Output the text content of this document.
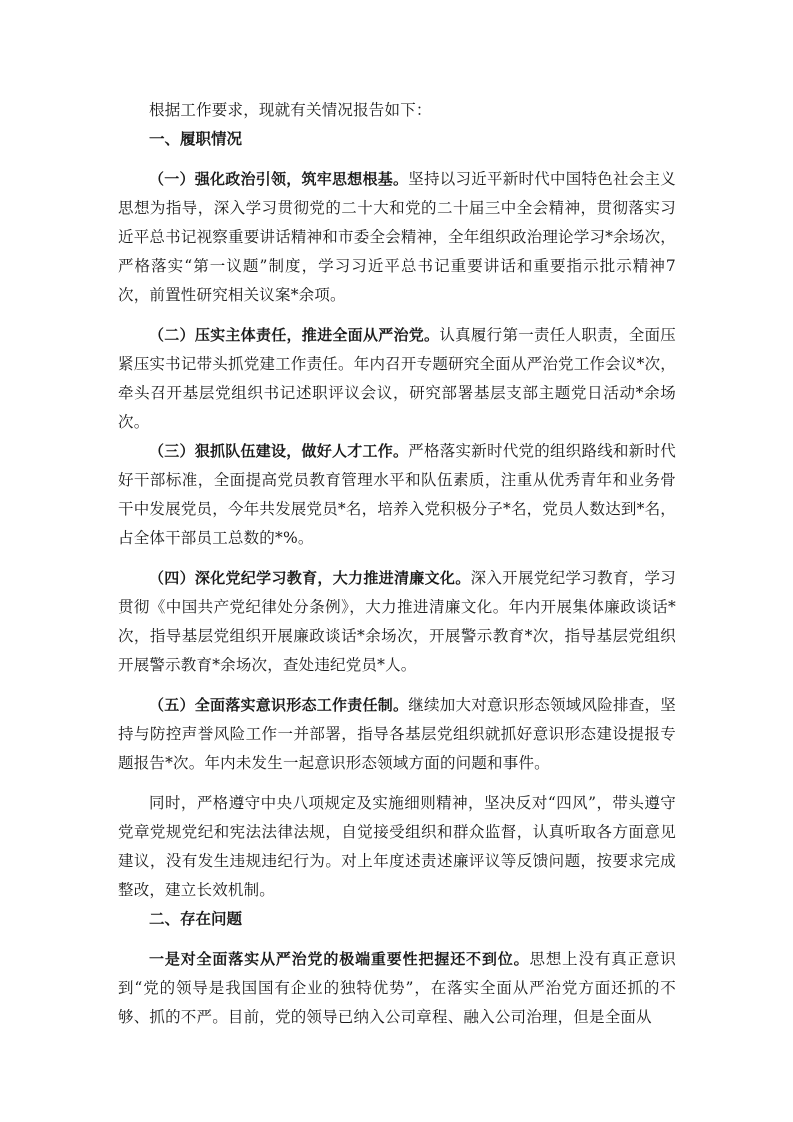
根据工作要求，现就有关情况报告如下：

一、履职情况

（一）强化政治引领，筑牢思想根基。坚持以习近平新时代中国特色社会主义思想为指导，深入学习贯彻党的二十大和党的二十届三中全会精神，贯彻落实习近平总书记视察重要讲话精神和市委全会精神，全年组织政治理论学习*余场次，严格落实“第一议题”制度，学习习近平总书记重要讲话和重要指示批示精神7次，前置性研究相关议案*余项。

（二）压实主体责任，推进全面从严治党。认真履行第一责任人职责，全面压紧压实书记带头抓党建工作责任。年内召开专题研究全面从严治党工作会议*次，牵头召开基层党组织书记述职评议会议，研究部署基层支部主题党日活动*余场次。

（三）狠抓队伍建设，做好人才工作。严格落实新时代党的组织路线和新时代好干部标准，全面提高党员教育管理水平和队伍素质，注重从优秀青年和业务骨干中发展党员，今年共发展党员*名，培养入党积极分子*名，党员人数达到*名，占全体干部员工总数的*%。

（四）深化党纪学习教育，大力推进清廉文化。深入开展党纪学习教育，学习贯彻《中国共产党纪律处分条例》，大力推进清廉文化。年内开展集体廉政谈话*次，指导基层党组织开展廉政谈话*余场次，开展警示教育*次，指导基层党组织开展警示教育*余场次，查处违纪党员*人。

（五）全面落实意识形态工作责任制。继续加大对意识形态领域风险排查，坚持与防控声誉风险工作一并部署，指导各基层党组织就抓好意识形态建设提报专题报告*次。年内未发生一起意识形态领域方面的问题和事件。

同时，严格遵守中央八项规定及实施细则精神，坚决反对“四风”，带头遵守党章党规党纪和宪法法律法规，自觉接受组织和群众监督，认真听取各方面意见建议，没有发生违规违纪行为。对上年度述责述廉评议等反馈问题，按要求完成整改，建立长效机制。

二、存在问题

一是对全面落实从严治党的极端重要性把握还不到位。思想上没有真正意识到“党的领导是我国国有企业的独特优势”，在落实全面从严治党方面还抓的不够、抓的不严。目前，党的领导已纳入公司章程、融入公司治理，但是全面从
